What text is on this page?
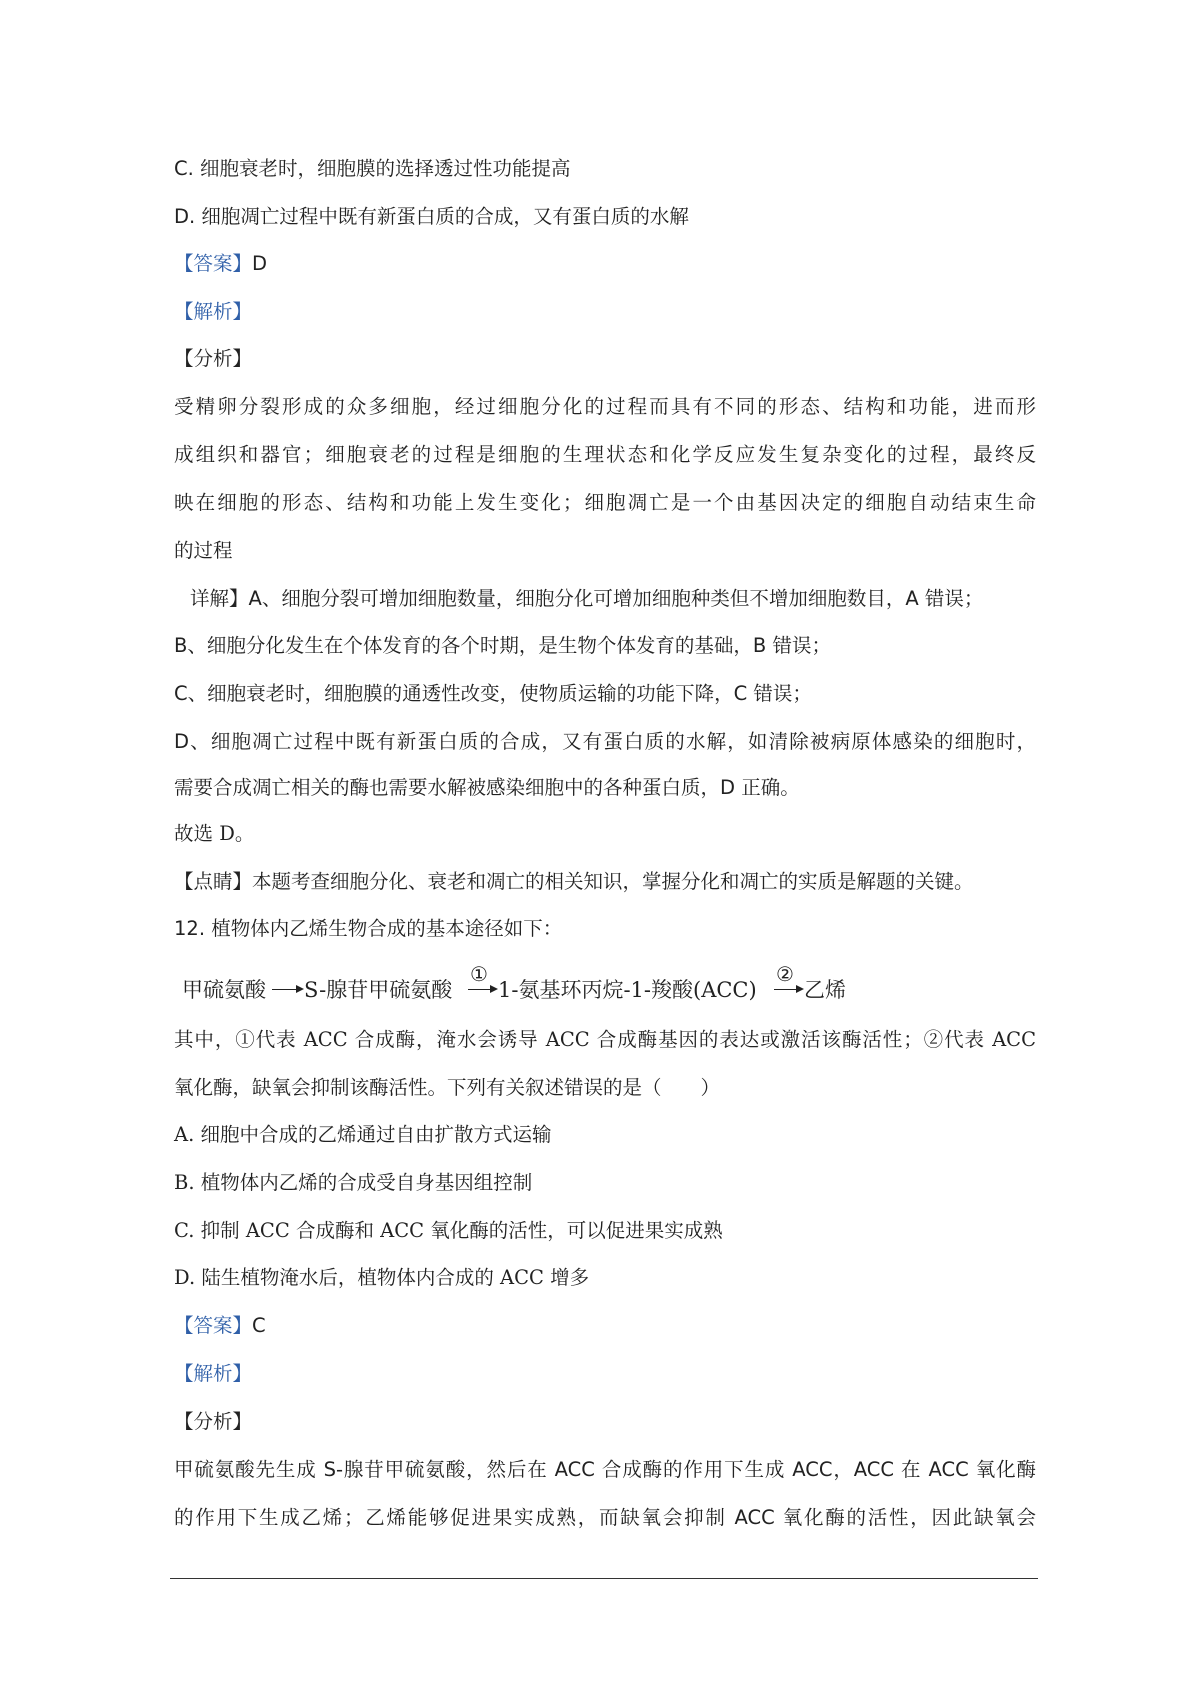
C. 细胞衰老时，细胞膜的选择透过性功能提高
D. 细胞凋亡过程中既有新蛋白质的合成，又有蛋白质的水解
【答案】D
【解析】
【分析】
受精卵分裂形成的众多细胞，经过细胞分化的过程而具有不同的形态、结构和功能，进而形
成组织和器官；细胞衰老的过程是细胞的生理状态和化学反应发生复杂变化的过程，最终反
映在细胞的形态、结构和功能上发生变化；细胞凋亡是一个由基因决定的细胞自动结束生命
的过程
详解】A、细胞分裂可增加细胞数量，细胞分化可增加细胞种类但不增加细胞数目，A 错误；
B、细胞分化发生在个体发育的各个时期，是生物个体发育的基础，B 错误；
C、细胞衰老时，细胞膜的通透性改变，使物质运输的功能下降，C 错误；
D、细胞凋亡过程中既有新蛋白质的合成，又有蛋白质的水解，如清除被病原体感染的细胞时，
需要合成凋亡相关的酶也需要水解被感染细胞中的各种蛋白质，D 正确。
故选 D。
【点睛】本题考查细胞分化、衰老和凋亡的相关知识，掌握分化和凋亡的实质是解题的关键。
12. 植物体内乙烯生物合成的基本途径如下：
甲硫氨酸 S-腺苷甲硫氨酸
①
1-氨基环丙烷-1-羧酸(ACC)
②
乙烯
其中，①代表 ACC 合成酶，淹水会诱导 ACC 合成酶基因的表达或激活该酶活性；②代表 ACC
氧化酶，缺氧会抑制该酶活性。下列有关叙述错误的是（　　）
A. 细胞中合成的乙烯通过自由扩散方式运输
B. 植物体内乙烯的合成受自身基因组控制
C. 抑制 ACC 合成酶和 ACC 氧化酶的活性，可以促进果实成熟
D. 陆生植物淹水后，植物体内合成的 ACC 增多
【答案】C
【解析】
【分析】
甲硫氨酸先生成 S-腺苷甲硫氨酸，然后在 ACC 合成酶的作用下生成 ACC，ACC 在 ACC 氧化酶
的作用下生成乙烯；乙烯能够促进果实成熟，而缺氧会抑制 ACC 氧化酶的活性，因此缺氧会
